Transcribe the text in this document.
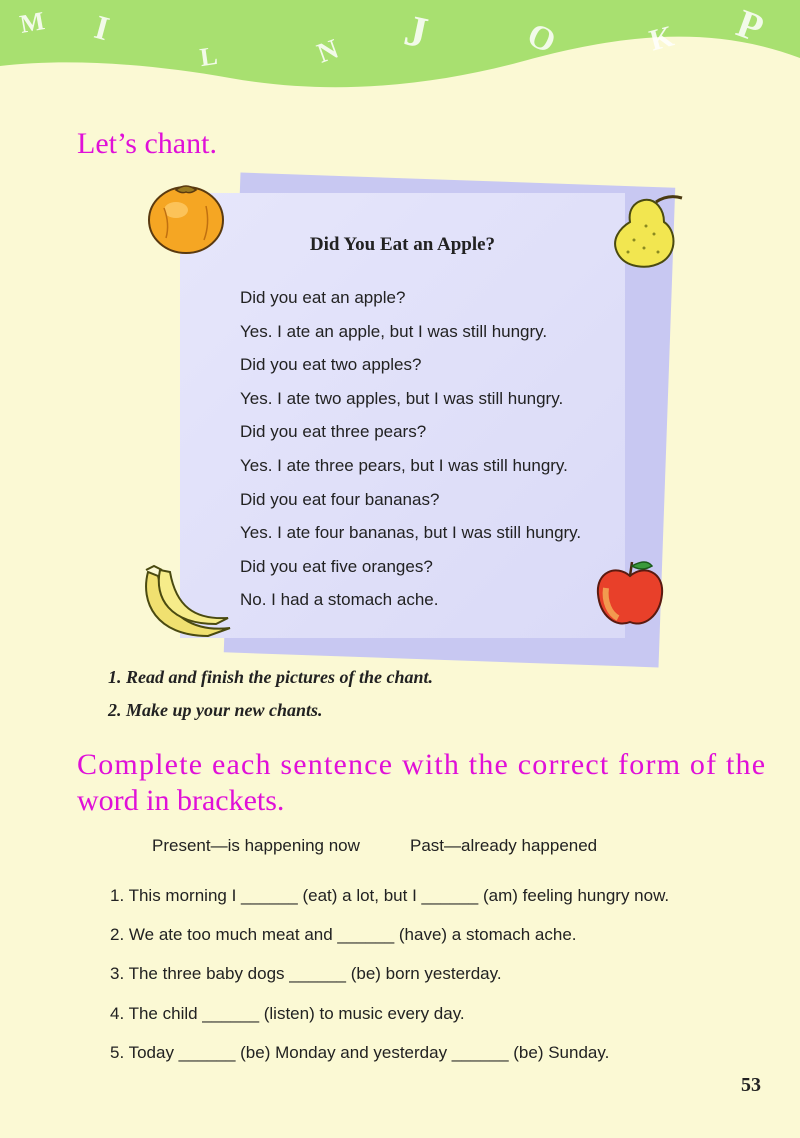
M I
L	N J	O	K P
Let’s chant.
Did You Eat an Apple?
Did you eat an apple?
Yes. I ate an apple, but I was still hungry.
Did you eat two apples?
Yes. I ate two apples, but I was still hungry.
Did you eat three pears?
Yes. I ate three pears, but I was still hungry.
Did you eat four bananas?
Yes. I ate four bananas, but I was still hungry.
Did you eat five oranges?
No. I had a stomach ache.
1. Read and finish the pictures of the chant.
2. Make up your new chants.
Complete each sentence with the correct form of the
word in brackets.
Present—is happening now	Past—already happened
1. This morning I ______ (eat) a lot, but I ______ (am) feeling hungry now.
2. We ate too much meat and ______ (have) a stomach ache.
3. The three baby dogs ______ (be) born yesterday.
4. The child ______ (listen) to music every day.
5. Today ______ (be) Monday and yesterday ______ (be) Sunday.
53
